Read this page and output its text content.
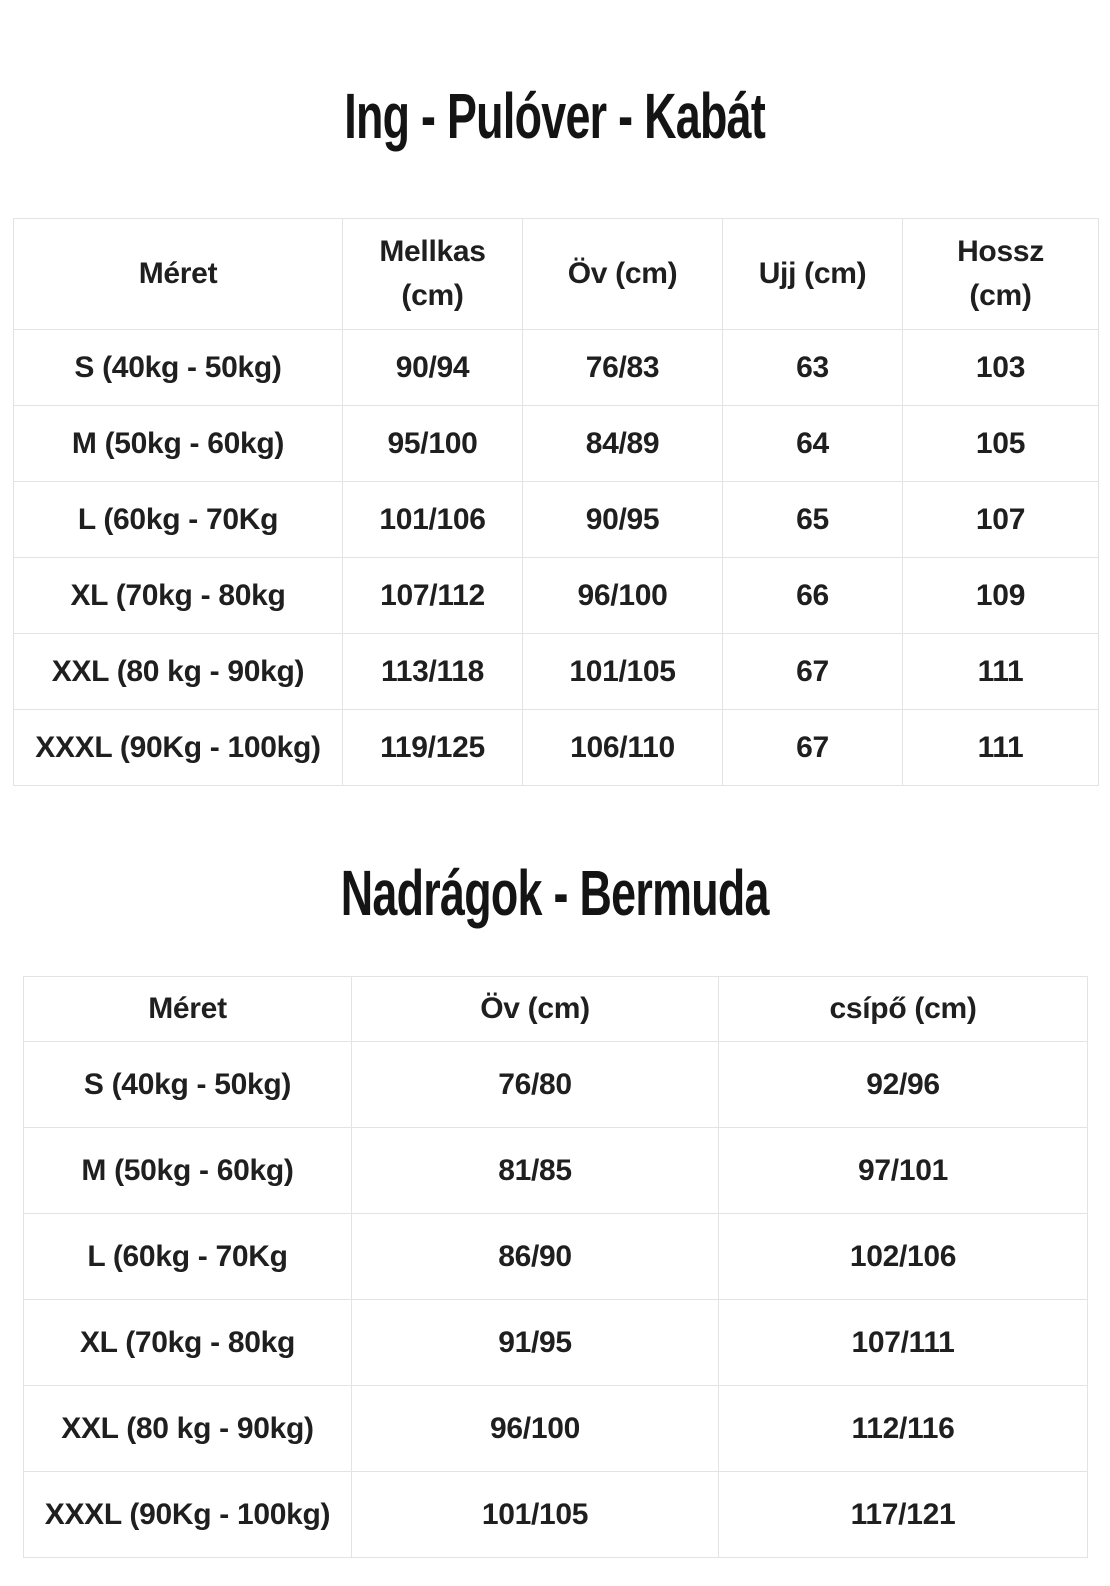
Ing - Pulóver - Kabát
Méret	Mellkas (cm)	Öv (cm)	Ujj (cm)	Hossz (cm)
S (40kg - 50kg)	90/94	76/83	63	103
M (50kg - 60kg)	95/100	84/89	64	105
L (60kg - 70Kg	101/106	90/95	65	107
XL (70kg - 80kg	107/112	96/100	66	109
XXL (80 kg - 90kg)	113/118	101/105	67	111
XXXL (90Kg - 100kg)	119/125	106/110	67	111
Nadrágok - Bermuda
Méret	Öv (cm)	csípő (cm)
S (40kg - 50kg)	76/80	92/96
M (50kg - 60kg)	81/85	97/101
L (60kg - 70Kg	86/90	102/106
XL (70kg - 80kg	91/95	107/111
XXL (80 kg - 90kg)	96/100	112/116
XXXL (90Kg - 100kg)	101/105	117/121
